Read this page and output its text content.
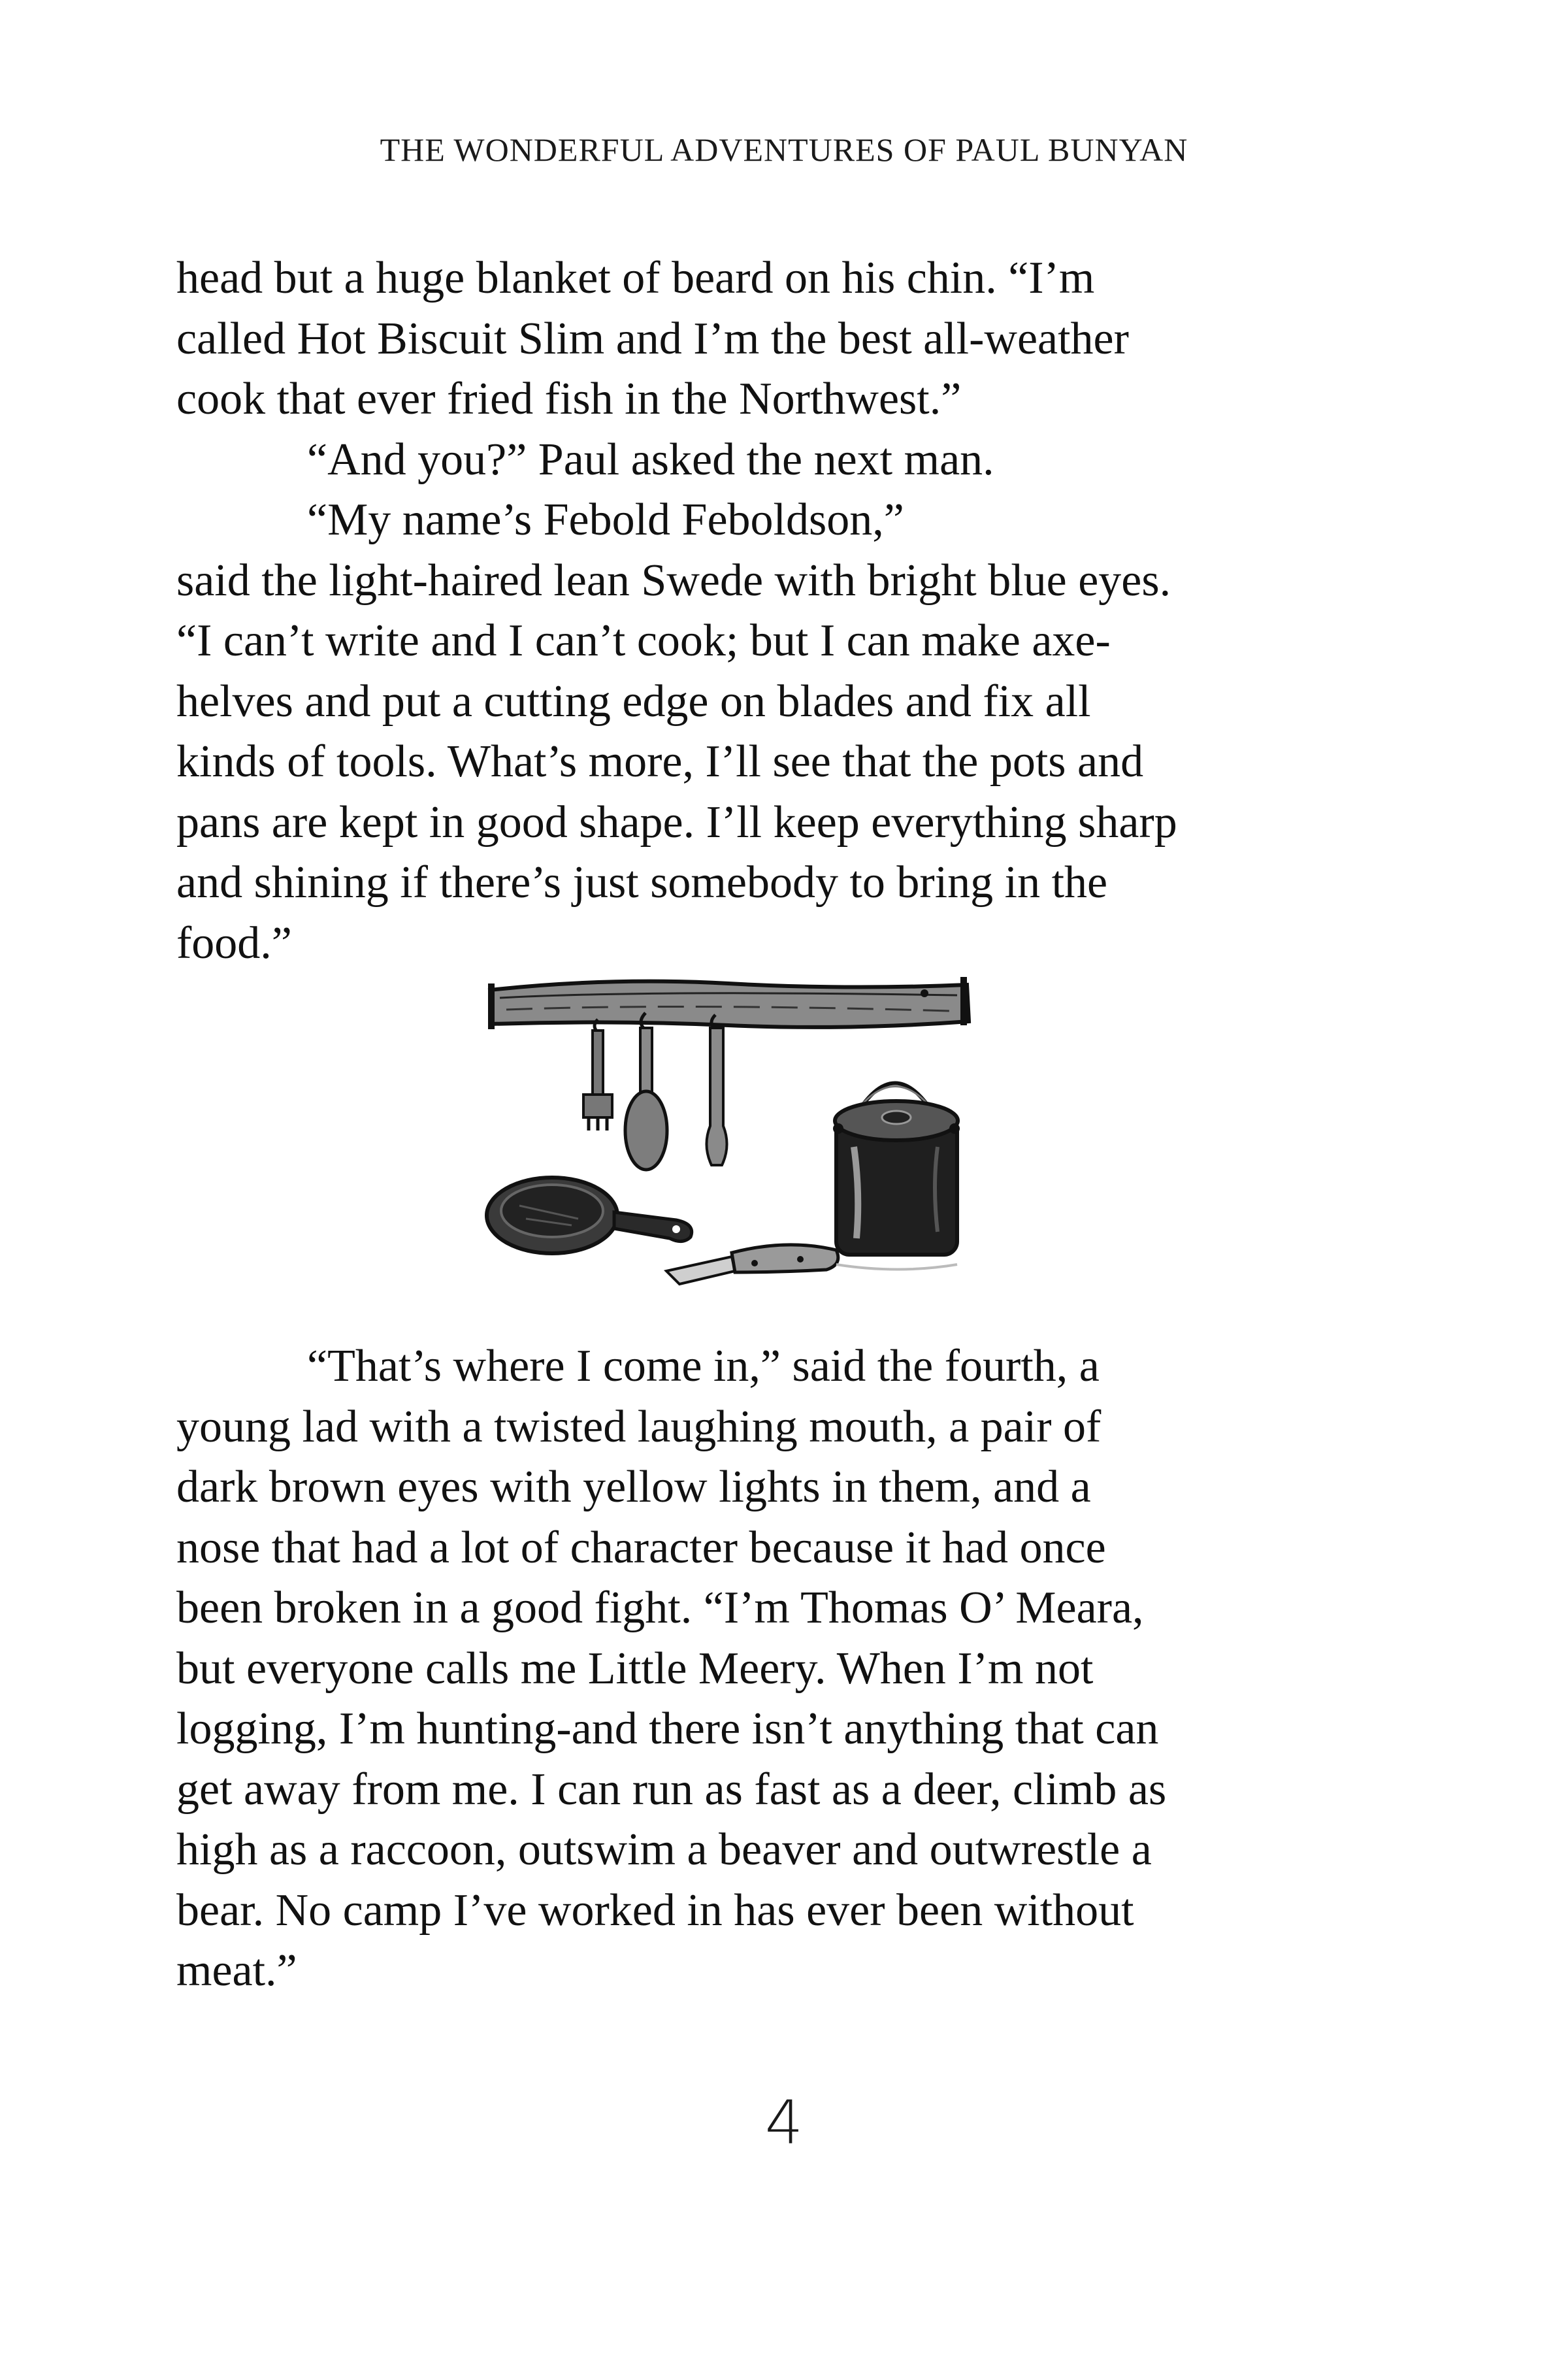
THE WONDERFUL ADVENTURES OF PAUL BUNYAN
head but a huge blanket of beard on his chin. “I’m
called Hot Biscuit Slim and I’m the best all-weather
cook that ever fried fish in the Northwest.”
“And you?” Paul asked the next man.
“My name’s Febold Feboldson,”
said the light-haired lean Swede with bright blue eyes.
“I can’t write and I can’t cook; but I can make axe-
helves and put a cutting edge on blades and fix all
kinds of tools. What’s more, I’ll see that the pots and
pans are kept in good shape. I’ll keep everything sharp
and shining if there’s just somebody to bring in the
food.”
“That’s where I come in,” said the fourth, a
young lad with a twisted laughing mouth, a pair of
dark brown eyes with yellow lights in them, and a
nose that had a lot of character because it had once
been broken in a good fight. “I’m Thomas O’ Meara,
but everyone calls me Little Meery. When I’m not
logging, I’m hunting-and there isn’t anything that can
get away from me. I can run as fast as a deer, climb as
high as a raccoon, outswim a beaver and outwrestle a
bear. No camp I’ve worked in has ever been without
meat.”
4
